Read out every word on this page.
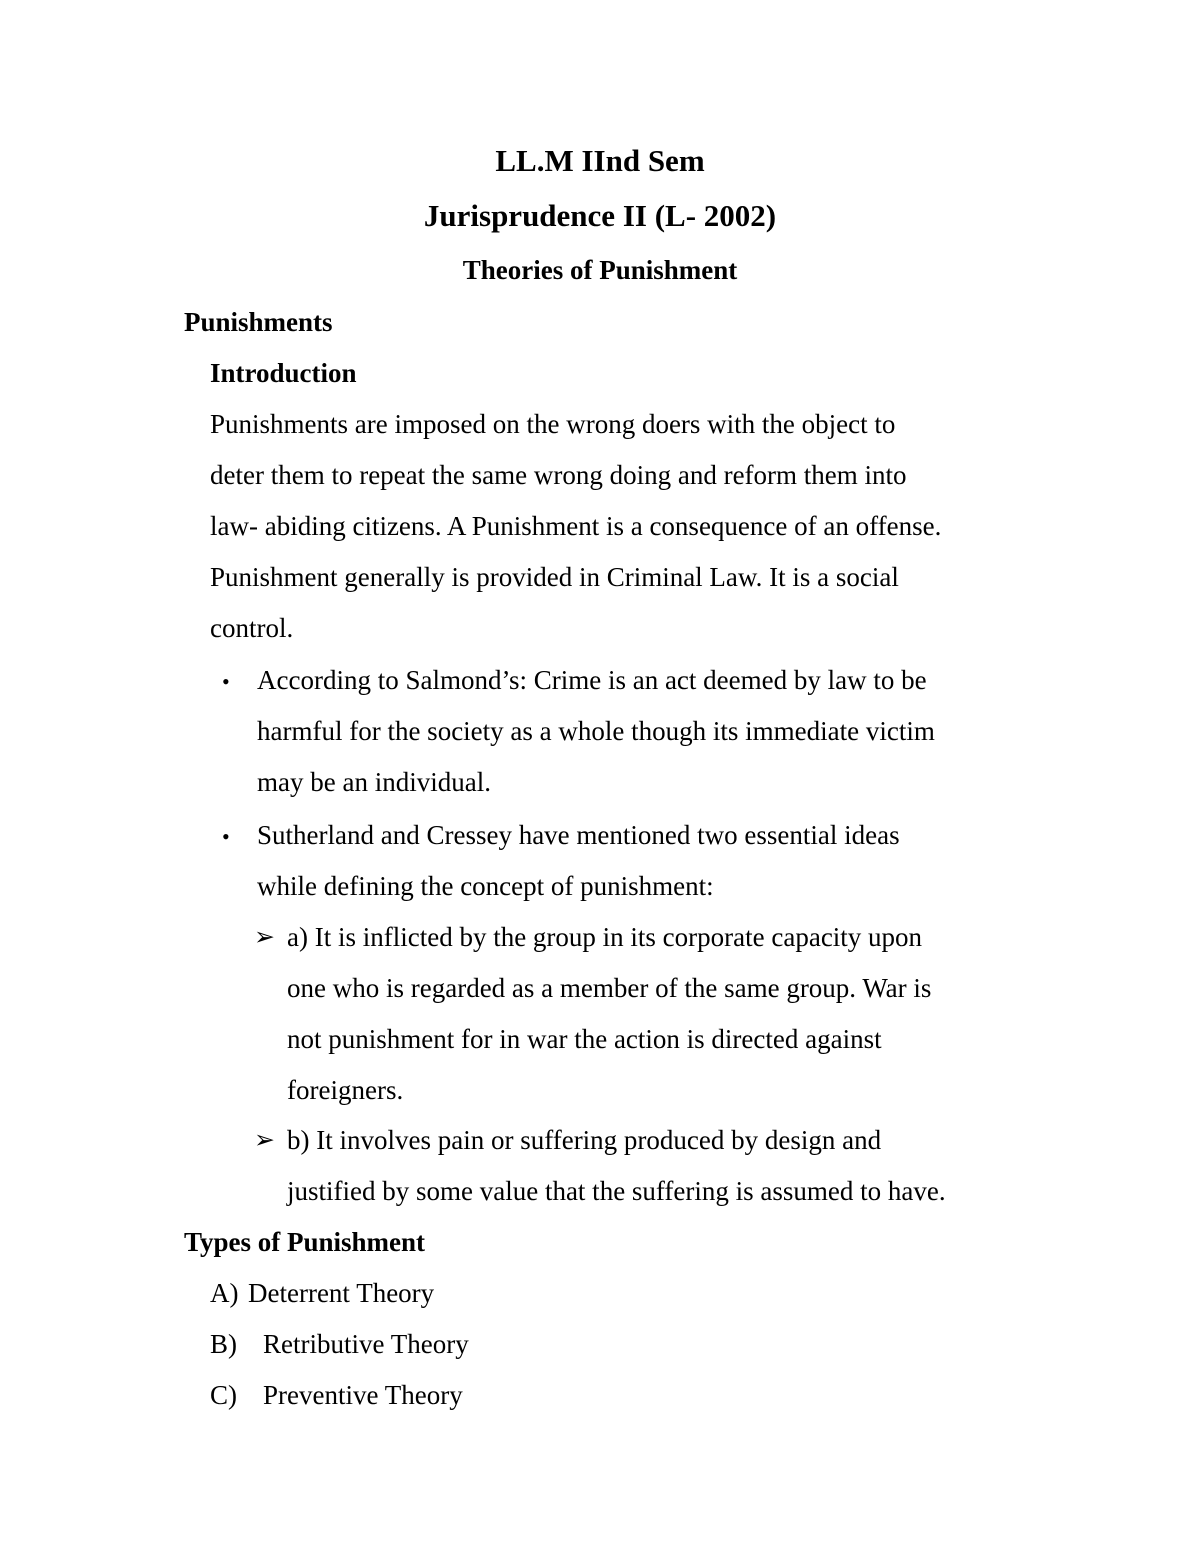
LL.M IInd Sem

Jurisprudence II (L- 2002)

Theories of Punishment

Punishments

Introduction

Punishments are imposed on the wrong doers with the object to

deter them to repeat the same wrong doing and reform them into

law- abiding citizens. A Punishment is a consequence of an offense.

Punishment generally is provided in Criminal Law. It is a social

control.

• According to Salmond’s: Crime is an act deemed by law to be

harmful for the society as a whole though its immediate victim

may be an individual.

• Sutherland and Cressey have mentioned two essential ideas

while defining the concept of punishment:

➢ a) It is inflicted by the group in its corporate capacity upon

one who is regarded as a member of the same group. War is

not punishment for in war the action is directed against

foreigners.

➢ b) It involves pain or suffering produced by design and

justified by some value that the suffering is assumed to have.

Types of Punishment

A) Deterrent Theory
B) Retributive Theory
C) Preventive Theory
